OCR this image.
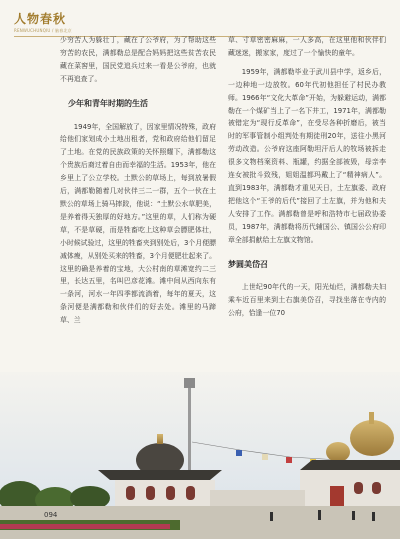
人物春秋
RENWUCHUNQIU / 脑春北京

少穷苦人为躲壮丁，藏在了公爷府，为了帮助这些穷苦的农民，满都勒总是配合妈妈把这些贫苦农民藏在菜窖里，国民党追兵过来一看是公爷府，也就不再追查了。

少年和青年时期的生活

1949年，全国解放了，因家里情况特殊，政府给他们家划成小土地出租者，党和政府给他们留足了土地。在党的民族政策的关怀照耀下，满都勒这个贵族后裔过着自由而幸福的生活。1953年，他在乡里上了公立学校。土默公的草场上，每到放暑假后，满都勒随着几对伙伴三二一群，五个一伙在土默公的草场上骑马摔跤，他说：“土默公水草肥美，是养着得天独厚的好地方。”这里的草，人们称为硬草，不是草硬，而是牲畜吃上这种草会膘肥体壮，小时候试验过，这里的牲畜夹到别处后，3个月便膘减体瘦，从别处买来的牲畜，3个月便肥壮起来了。这里的确是养着的宝地，大公村南的草滩宽约二三里，长达五里，名叫巴彦花滩。滩中间从西向东有一条河，河水一年四季都流淌着，每年的夏天，这条河便是满都勒和伙伴们的好去处。滩里的马蹄草、兰

草、寸草密密麻麻，一人多高，在这里他和伙伴们藏迷迷，搬家家，度过了一个愉快的童年。

1959年，满都勒毕业于武川县中学，返乡后，一边种地一边放牧。60年代初他担任了村民办教师。1966年“文化大革命”开始，为躲避运动，满都勒在一个煤矿当上了一名下井工，1971年，满都勒被错定为“现行反革命”，在受尽各种折磨后，被当时的军事管制小组判处有期徒刑20年，送往小黑河劳动改造。公爷府这座阿勒坦汗后人的牧场被拆走很多文物档案资料、瓶罐，约据全部被毁，母亲李连女被批斗致残，姐姐温都玛戴上了“精神病人”。直到1983年，满都勒才重见天日，土左旗委、政府把他这个“王爷的后代”接回了土左旗，并为他和夫人安排了工作。满都勒曾是呼和浩特市七届政协委员，1987年，满都勒将历代辅国公、镇国公公府印章全部捐献给土左旗文物馆。

梦圆美岱召

上世纪90年代的一天，阳光灿烂，满都勒夫妇乘车近百里来到土右旗美岱召，寻找坐落在寺内的公府，恰逢一位70

094
